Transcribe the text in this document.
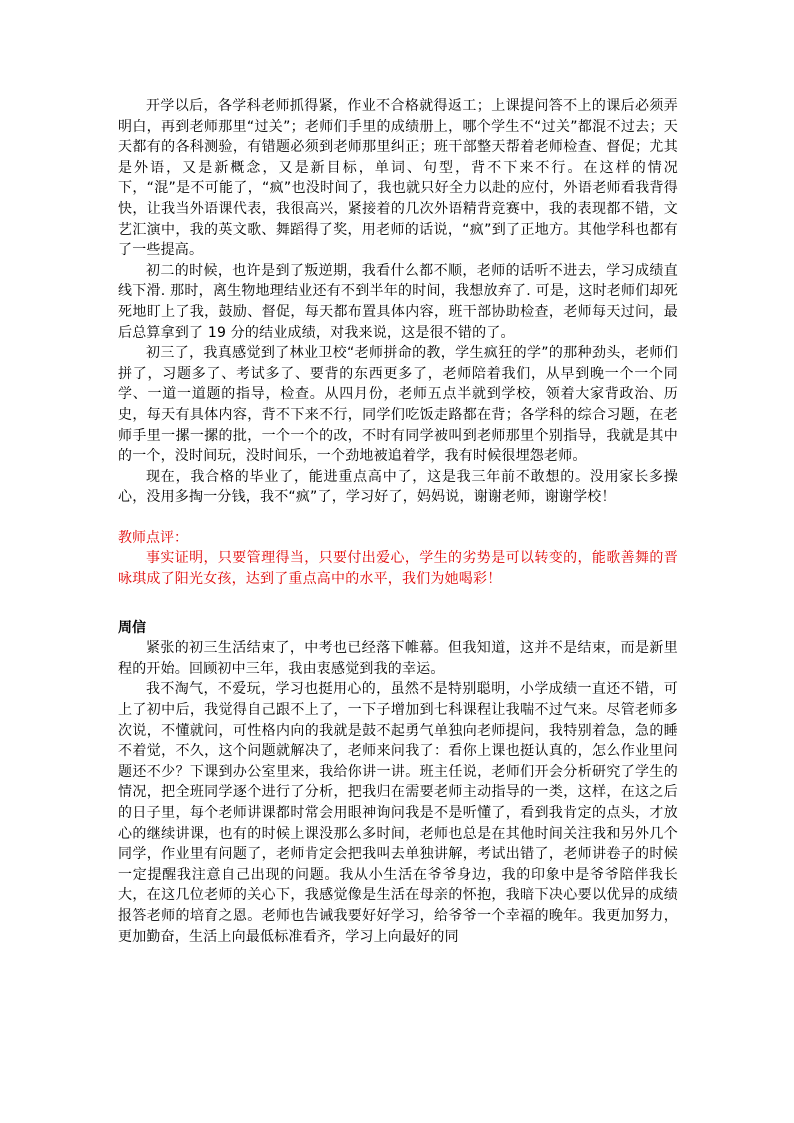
开学以后，各学科老师抓得紧，作业不合格就得返工；上课提问答不上的课后必须弄明白，再到老师那里“过关”；老师们手里的成绩册上，哪个学生不“过关”都混不过去；天天都有的各科测验，有错题必须到老师那里纠正；班干部整天帮着老师检查、督促；尤其是外语，又是新概念，又是新目标，单词、句型，背不下来不行。在这样的情况下，“混”是不可能了，“疯”也没时间了，我也就只好全力以赴的应付，外语老师看我背得快，让我当外语课代表，我很高兴，紧接着的几次外语精背竞赛中，我的表现都不错，文艺汇演中，我的英文歌、舞蹈得了奖，用老师的话说，“疯”到了正地方。其他学科也都有了一些提高。

初二的时候，也许是到了叛逆期，我看什么都不顺，老师的话听不进去，学习成绩直线下滑. 那时，离生物地理结业还有不到半年的时间，我想放弃了. 可是，这时老师们却死死地盯上了我，鼓励、督促，每天都布置具体内容，班干部协助检查，老师每天过问，最后总算拿到了 19 分的结业成绩，对我来说，这是很不错的了。

初三了，我真感觉到了林业卫校“老师拼命的教，学生疯狂的学”的那种劲头，老师们拼了，习题多了、考试多了、要背的东西更多了，老师陪着我们，从早到晚一个一个同学、一道一道题的指导，检查。从四月份，老师五点半就到学校，领着大家背政治、历史，每天有具体内容，背不下来不行，同学们吃饭走路都在背；各学科的综合习题，在老师手里一摞一摞的批，一个一个的改，不时有同学被叫到老师那里个别指导，我就是其中的一个，没时间玩，没时间乐，一个劲地被追着学，我有时候很埋怨老师。

现在，我合格的毕业了，能进重点高中了，这是我三年前不敢想的。没用家长多操心，没用多掏一分钱，我不“疯”了，学习好了，妈妈说，谢谢老师，谢谢学校！

教师点评：

事实证明，只要管理得当，只要付出爱心，学生的劣势是可以转变的，能歌善舞的晋咏琪成了阳光女孩，达到了重点高中的水平，我们为她喝彩！

周信

紧张的初三生活结束了，中考也已经落下帷幕。但我知道，这并不是结束，而是新里程的开始。回顾初中三年，我由衷感觉到我的幸运。

我不淘气，不爱玩，学习也挺用心的，虽然不是特别聪明，小学成绩一直还不错，可上了初中后，我觉得自己跟不上了，一下子增加到七科课程让我喘不过气来。尽管老师多次说，不懂就问，可性格内向的我就是鼓不起勇气单独向老师提问，我特别着急，急的睡不着觉，不久，这个问题就解决了，老师来问我了：看你上课也挺认真的，怎么作业里问题还不少？下课到办公室里来，我给你讲一讲。班主任说，老师们开会分析研究了学生的情况，把全班同学逐个进行了分析，把我归在需要老师主动指导的一类，这样，在这之后的日子里，每个老师讲课都时常会用眼神询问我是不是听懂了，看到我肯定的点头，才放心的继续讲课，也有的时候上课没那么多时间，老师也总是在其他时间关注我和另外几个同学，作业里有问题了，老师肯定会把我叫去单独讲解，考试出错了，老师讲卷子的时候一定提醒我注意自己出现的问题。我从小生活在爷爷身边，我的印象中是爷爷陪伴我长大，在这几位老师的关心下，我感觉像是生活在母亲的怀抱，我暗下决心要以优异的成绩报答老师的培育之恩。老师也告诫我要好好学习，给爷爷一个幸福的晚年。我更加努力，更加勤奋，生活上向最低标准看齐，学习上向最好的同
